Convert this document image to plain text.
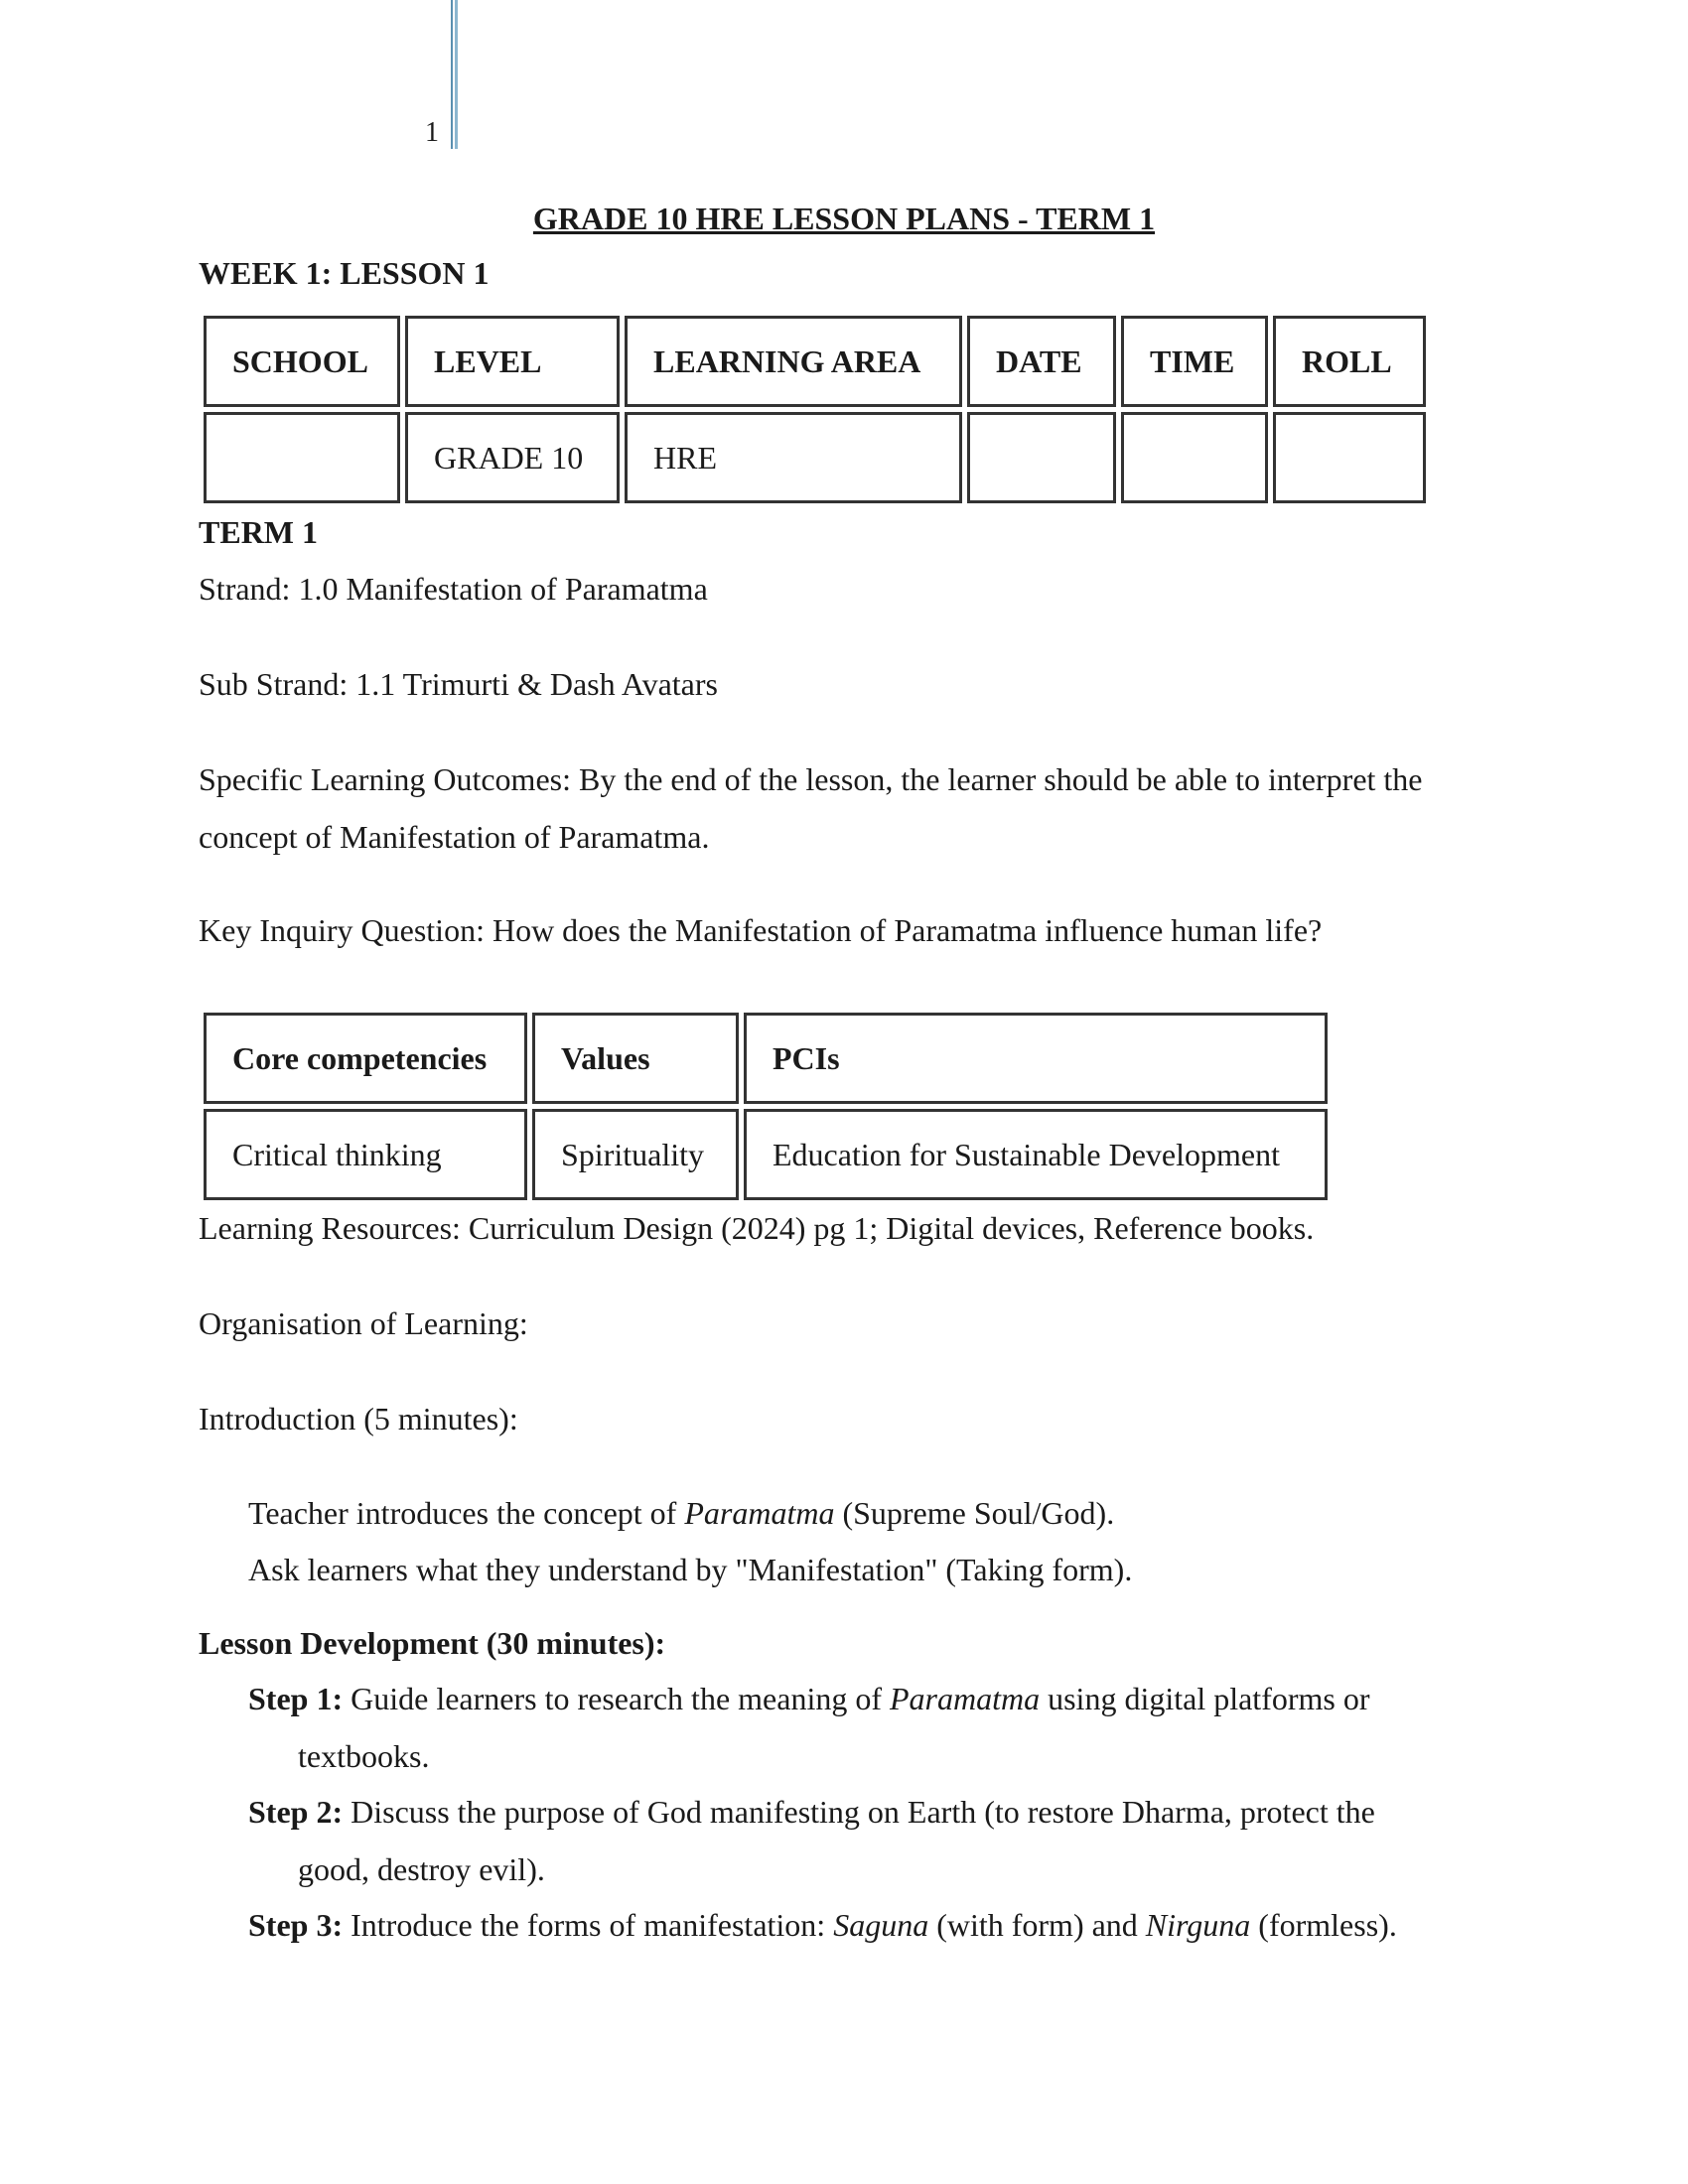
1
GRADE 10 HRE LESSON PLANS - TERM 1
WEEK 1: LESSON 1
SCHOOL	LEVEL	LEARNING AREA	DATE	TIME	ROLL
	GRADE 10	HRE			
TERM 1
Strand: 1.0 Manifestation of Paramatma
Sub Strand: 1.1 Trimurti & Dash Avatars
Specific Learning Outcomes: By the end of the lesson, the learner should be able to interpret the
concept of Manifestation of Paramatma.
Key Inquiry Question: How does the Manifestation of Paramatma influence human life?
Core competencies	Values	PCIs
Critical thinking	Spirituality	Education for Sustainable Development
Learning Resources: Curriculum Design (2024) pg 1; Digital devices, Reference books.
Organisation of Learning:
Introduction (5 minutes):
Teacher introduces the concept of Paramatma (Supreme Soul/God).
Ask learners what they understand by "Manifestation" (Taking form).
Lesson Development (30 minutes):
Step 1: Guide learners to research the meaning of Paramatma using digital platforms or
textbooks.
Step 2: Discuss the purpose of God manifesting on Earth (to restore Dharma, protect the
good, destroy evil).
Step 3: Introduce the forms of manifestation: Saguna (with form) and Nirguna (formless).
